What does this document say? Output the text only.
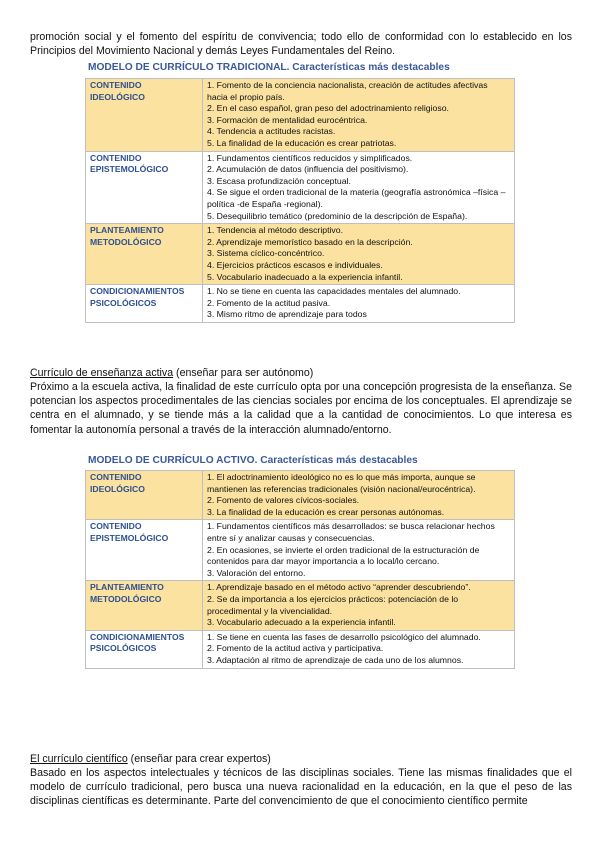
promoción social y el fomento del espíritu de convivencia; todo ello de conformidad con lo establecido en los Principios del Movimiento Nacional y demás Leyes Fundamentales del Reino.

MODELO DE CURRÍCULO TRADICIONAL. Características más destacables

CONTENIDO IDEOLÓGICO	1. Fomento de la conciencia nacionalista, creación de actitudes afectivas hacia el propio país.
2. En el caso español, gran peso del adoctrinamiento religioso.
3. Formación de mentalidad eurocéntrica.
4. Tendencia a actitudes racistas.
5. La finalidad de la educación es crear patriotas.

CONTENIDO EPISTEMOLÓGICO	1. Fundamentos científicos reducidos y simplificados.
2. Acumulación de datos (influencia del positivismo).
3. Escasa profundización conceptual.
4. Se sigue el orden tradicional de la materia (geografía astronómica –física –política -de España -regional).
5. Desequilibrio temático (predominio de la descripción de España).

PLANTEAMIENTO METODOLÓGICO	1. Tendencia al método descriptivo.
2. Aprendizaje memorístico basado en la descripción.
3. Sistema cíclico-concéntrico.
4. Ejercicios prácticos escasos e individuales.
5. Vocabulario inadecuado a la experiencia infantil.

CONDICIONAMIENTOS PSICOLÓGICOS	1. No se tiene en cuenta las capacidades mentales del alumnado.
2. Fomento de la actitud pasiva.
3. Mismo ritmo de aprendizaje para todos

Currículo de enseñanza activa (enseñar para ser autónomo)

Próximo a la escuela activa, la finalidad de este currículo opta por una concepción progresista de la enseñanza. Se potencian los aspectos procedimentales de las ciencias sociales por encima de los conceptuales. El aprendizaje se centra en el alumnado, y se tiende más a la calidad que a la cantidad de conocimientos. Lo que interesa es fomentar la autonomía personal a través de la interacción alumnado/entorno.

MODELO DE CURRÍCULO ACTIVO. Características más destacables

CONTENIDO IDEOLÓGICO	1. El adoctrinamiento ideológico no es lo que más importa, aunque se mantienen las referencias tradicionales (visión nacional/eurocéntrica).
2. Fomento de valores cívicos-sociales.
3. La finalidad de la educación es crear personas autónomas.

CONTENIDO EPISTEMOLÓGICO	1. Fundamentos científicos más desarrollados: se busca relacionar hechos entre sí y analizar causas y consecuencias.
2. En ocasiones, se invierte el orden tradicional de la estructuración de contenidos para dar mayor importancia a lo local/lo cercano.
3. Valoración del entorno.

PLANTEAMIENTO METODOLÓGICO	1. Aprendizaje basado en el método activo “aprender descubriendo”.
2. Se da importancia a los ejercicios prácticos: potenciación de lo procedimental y la vivencialidad.
3. Vocabulario adecuado a la experiencia infantil.

CONDICIONAMIENTOS PSICOLÓGICOS	1. Se tiene en cuenta las fases de desarrollo psicológico del alumnado.
2. Fomento de la actitud activa y participativa.
3. Adaptación al ritmo de aprendizaje de cada uno de los alumnos.

El currículo científico (enseñar para crear expertos)

Basado en los aspectos intelectuales y técnicos de las disciplinas sociales. Tiene las mismas finalidades que el modelo de currículo tradicional, pero busca una nueva racionalidad en la educación, en la que el peso de las disciplinas científicas es determinante. Parte del convencimiento de que el conocimiento científico permite
